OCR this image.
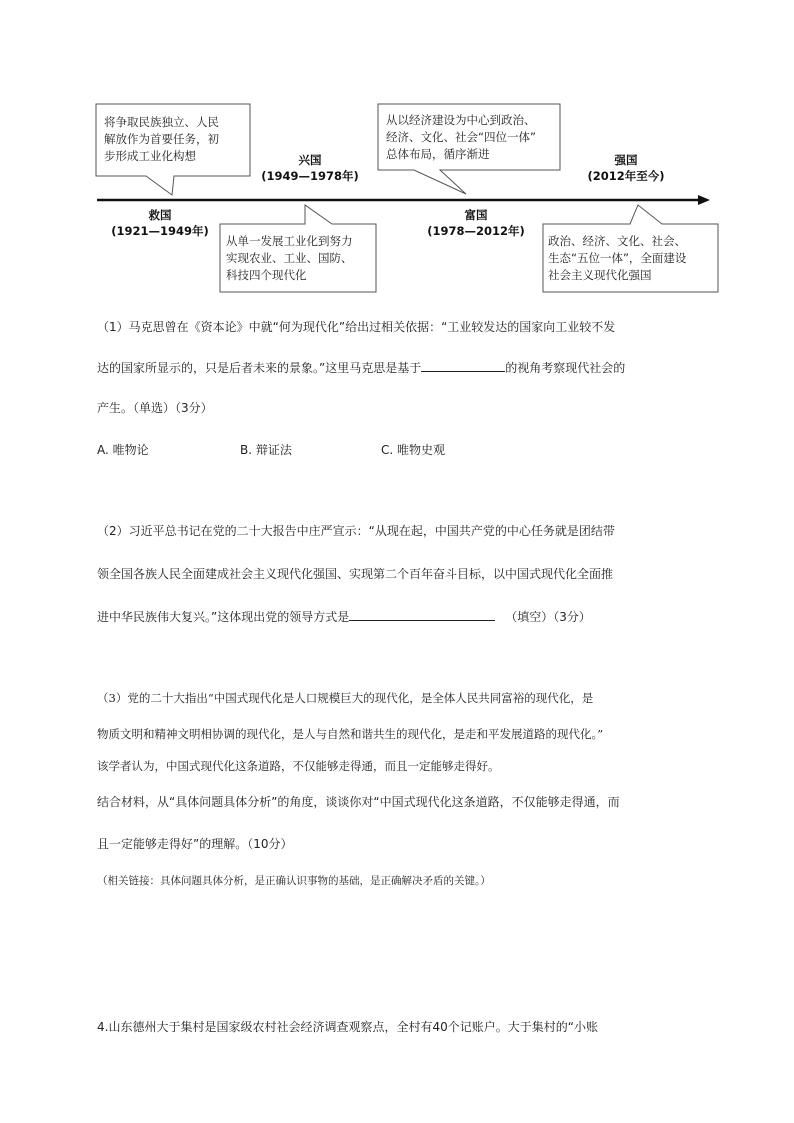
将争取民族独立、人民
解放作为首要任务，初
步形成工业化构想
从单一发展工业化到努力
实现农业、工业、国防、
科技四个现代化
从以经济建设为中心到政治、
经济、文化、社会“四位一体”
总体布局，循序渐进
政治、经济、文化、社会、
生态“五位一体”，全面建设
社会主义现代化强国
救国
(1921—1949年)
兴国
(1949—1978年)
富国
(1978—2012年)
强国
(2012年至今)
（1）马克思曾在《资本论》中就“何为现代化”给出过相关依据：“工业较发达的国家向工业较不发
达的国家所显示的，只是后者未来的景象。”这里马克思是基于	的视角考察现代社会的
产生。（单选）（3分）
A. 唯物论	B. 辩证法	C. 唯物史观
（2）习近平总书记在党的二十大报告中庄严宣示：“从现在起，中国共产党的中心任务就是团结带
领全国各族人民全面建成社会主义现代化强国、实现第二个百年奋斗目标，以中国式现代化全面推
进中华民族伟大复兴。”这体现出党的领导方式是	（填空）（3分）
（3）党的二十大指出“中国式现代化是人口规模巨大的现代化，是全体人民共同富裕的现代化，是
物质文明和精神文明相协调的现代化，是人与自然和谐共生的现代化，是走和平发展道路的现代化。”
该学者认为，中国式现代化这条道路，不仅能够走得通，而且一定能够走得好。
结合材料，从“具体问题具体分析”的角度，谈谈你对“中国式现代化这条道路，不仅能够走得通，而
且一定能够走得好”的理解。（10分）
（相关链接：具体问题具体分析，是正确认识事物的基础，是正确解决矛盾的关键。）
4.山东德州大于集村是国家级农村社会经济调查观察点，全村有40个记账户。大于集村的“小账
